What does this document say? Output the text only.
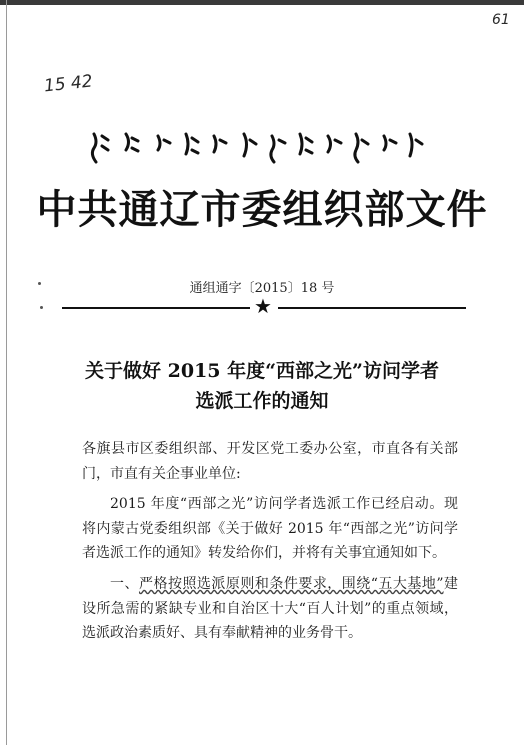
61
15 42
中共通辽市委组织部文件
通组通字〔2015〕18 号
★
关于做好 2015 年度“西部之光”访问学者
选派工作的通知
各旗县市区委组织部、开发区党工委办公室，市直各有关部门，市直有关企事业单位:
2015 年度“西部之光”访问学者选派工作已经启动。现将内蒙古党委组织部《关于做好 2015 年“西部之光”访问学者选派工作的通知》转发给你们，并将有关事宜通知如下。
一、严格按照选派原则和条件要求，围绕“五大基地”建设所急需的紧缺专业和自治区十大“百人计划”的重点领域，选派政治素质好、具有奉献精神的业务骨干。
